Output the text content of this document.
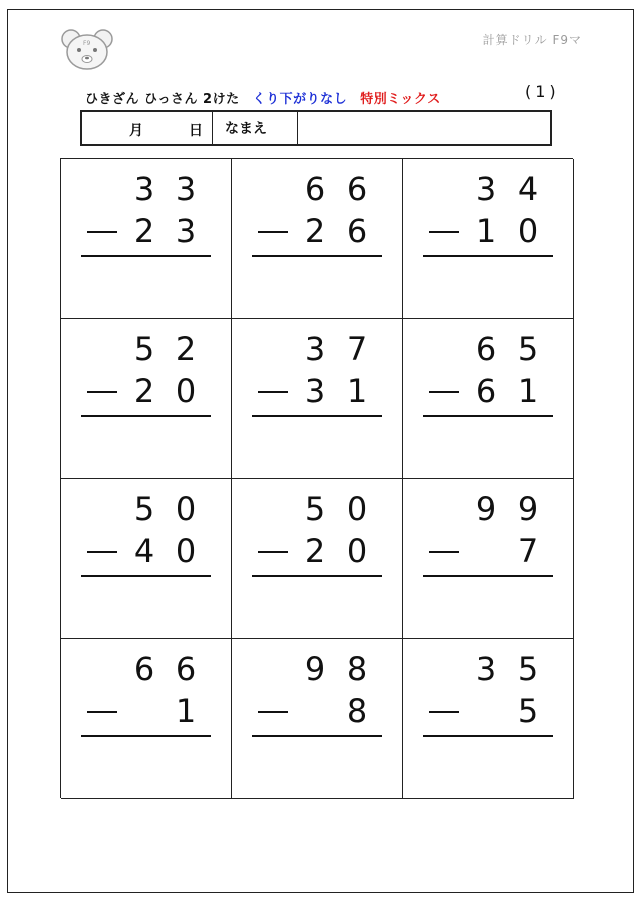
F9	計算ドリル F9マ
ひきざん ひっさん 2けた くり下がりなし 特別ミックス	(1)
月	日	なまえ
3 3
2 3
6 6
2 6
3 4
1 0
5 2
2 0
3 7
3 1
6 5
6 1
5 0
4 0
5 0
2 0
9 9
7
6 6
1
9 8
8
3 5
5
